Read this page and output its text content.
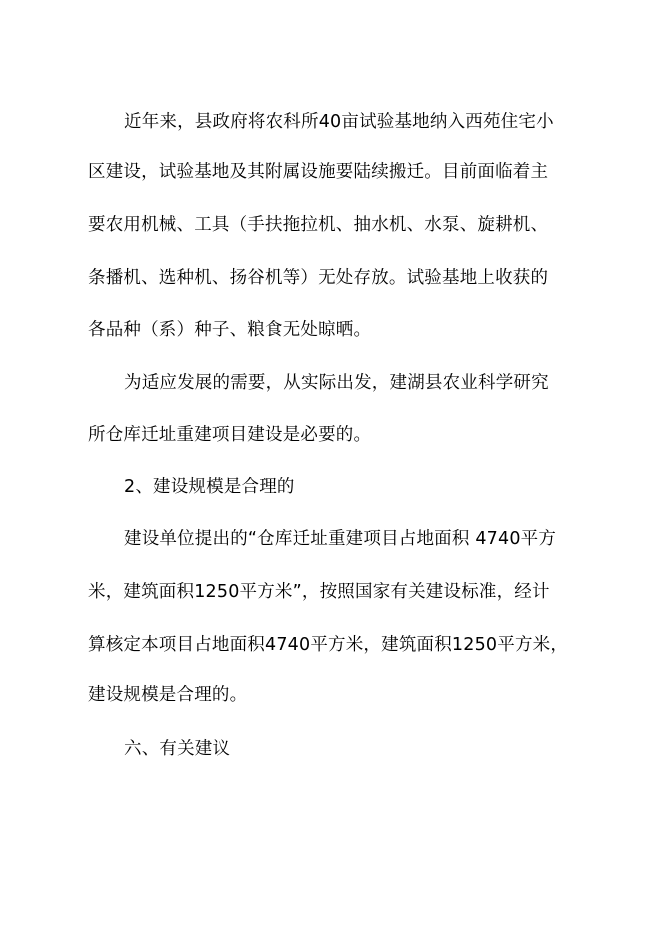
近年来，县政府将农科所40亩试验基地纳入西苑住宅小
区建设，试验基地及其附属设施要陆续搬迁。目前面临着主
要农用机械、工具（手扶拖拉机、抽水机、水泵、旋耕机、
条播机、选种机、扬谷机等）无处存放。试验基地上收获的
各品种（系）种子、粮食无处晾晒。
为适应发展的需要，从实际出发，建湖县农业科学研究
所仓库迁址重建项目建设是必要的。
2、建设规模是合理的
建设单位提出的“仓库迁址重建项目占地面积 4740平方
米，建筑面积1250平方米”，按照国家有关建设标准，经计
算核定本项目占地面积4740平方米，建筑面积1250平方米，
建设规模是合理的。
六、有关建议
